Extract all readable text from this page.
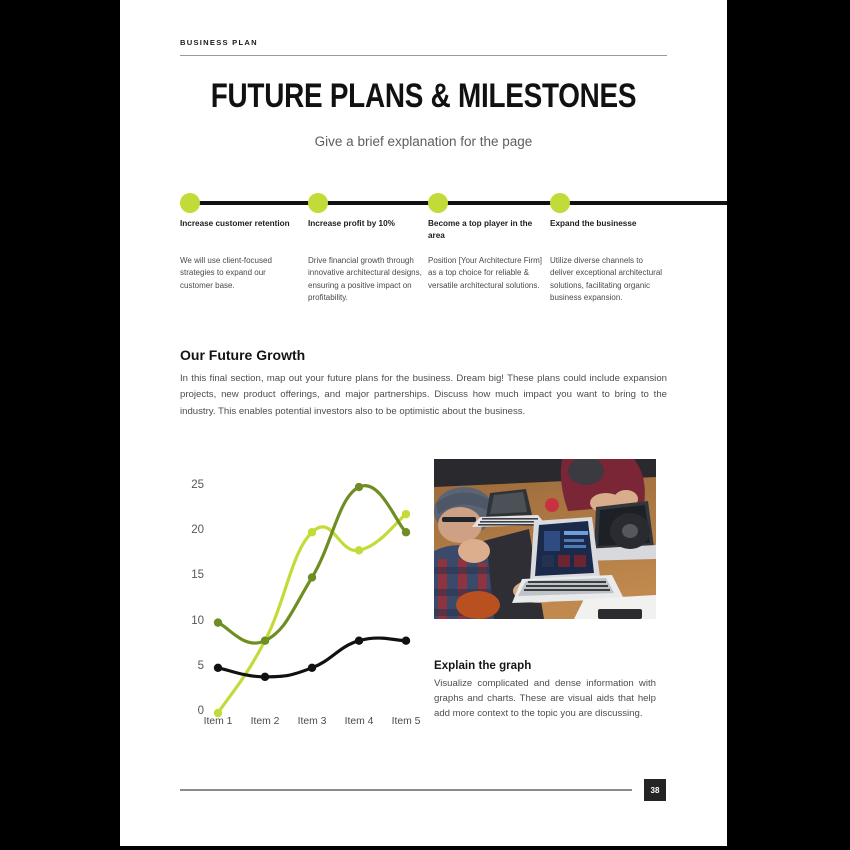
BUSINESS PLAN
FUTURE PLANS & MILESTONES
Give a brief explanation for the page
Increase customer retention
We will use client-focused strategies to expand our customer base.
Increase profit by 10%
Drive financial growth through innovative architectural designs, ensuring a positive impact on profitability.
Become a top player in the area
Position [Your Architecture Firm] as a top choice for reliable & versatile architectural solutions.
Expand the businesse
Utilize diverse channels to deliver exceptional architectural solutions, facilitating organic business expansion.
Our Future Growth
In this final section, map out your future plans for the business. Dream big! These plans could include expansion projects, new product offerings, and major partnerships. Discuss how much impact you want to bring to the industry. This enables potential investors also to be optimistic about the business.
0
5
10
15
20
25
Item 1	Item 2	Item 3	Item 4	Item 5
Explain the graph
Visualize complicated and dense information with graphs and charts. These are visual aids that help add more context to the topic you are discussing.
38
